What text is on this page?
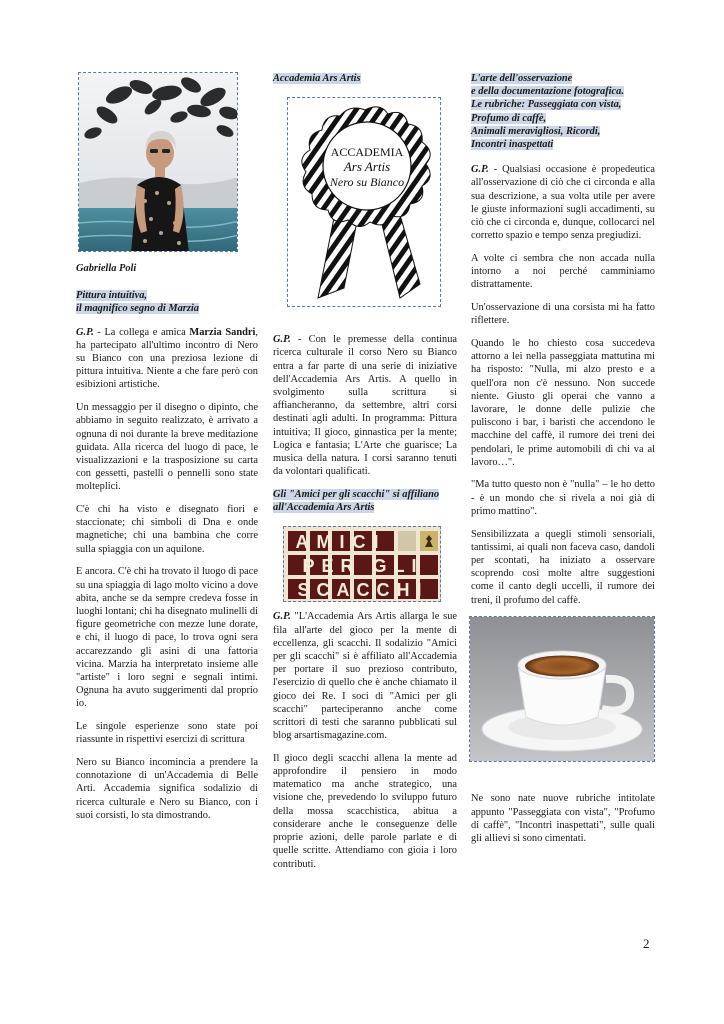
Gabriella Poli
Pittura intuitiva,
il magnifico segno di Marzia

G.P. - La collega e amica Marzia Sandri, ha partecipato all'ultimo incontro di Nero su Bianco con una preziosa lezione di pittura intuitiva. Niente a che fare però con esibizioni artistiche.

Un messaggio per il disegno o dipinto, che abbiamo in seguito realizzato, è arrivato a ognuna di noi durante la breve meditazione guidata. Alla ricerca del luogo di pace, le visualizzazioni e la trasposizione su carta con gessetti, pastelli o pennelli sono state molteplici.

C'è chi ha visto e disegnato fiori e staccionate; chi simboli di Dna e onde magnetiche; chi una bambina che corre sulla spiaggia con un aquilone.

E ancora. C'è chi ha trovato il luogo di pace su una spiaggia di lago molto vicino a dove abita, anche se da sempre credeva fosse in luoghi lontani; chi ha disegnato mulinelli di figure geometriche con mezze lune dorate, e chi, il luogo di pace, lo trova ogni sera accarezzando gli asini di una fattoria vicina. Marzia ha interpretato insieme alle "artiste" i loro segni e segnali intimi. Ognuna ha avuto suggerimenti dal proprio io.

Le singole esperienze sono state poi riassunte in rispettivi esercizi di scrittura

Nero su Bianco incomincia a prendere la connotazione di un'Accademia di Belle Arti. Accademia significa sodalizio di ricerca culturale e Nero su Bianco, con i suoi corsisti, lo sta dimostrando.

Accademia Ars Artis
ACCADEMIA
Ars Artis
Nero su Bianco

G.P. - Con le premesse della continua ricerca culturale il corso Nero su Bianco entra a far parte di una serie di iniziative dell'Accademia Ars Artis. A quello in svolgimento sulla scrittura si affiancheranno, da settembre, altri corsi destinati agli adulti. In programma: Pittura intuitiva; Il gioco, ginnastica per la mente; Logica e fantasia; L'Arte che guarisce; La musica della natura. I corsi saranno tenuti da volontari qualificati.

Gli "Amici per gli scacchi" si affiliano
all'Accademia Ars Artis
AMICI
PER GLI
SCACCHI

G.P. "L'Accademia Ars Artis allarga le sue fila all'arte del gioco per la mente di eccellenza, gli scacchi. Il sodalizio "Amici per gli scacchi" si è affiliato all'Accademia per portare il suo prezioso contributo, l'esercizio di quello che è anche chiamato il gioco dei Re. I soci di "Amici per gli scacchi" parteciperanno anche come scrittori di testi che saranno pubblicati sul blog arsartismagazine.com.

Il gioco degli scacchi allena la mente ad approfondire il pensiero in modo matematico ma anche strategico, una visione che, prevedendo lo sviluppo futuro della mossa scacchistica, abitua a considerare anche le conseguenze delle proprie azioni, delle parole parlate e di quelle scritte. Attendiamo con gioia i loro contributi.

L'arte dell'osservazione
e della documentazione fotografica.
Le rubriche: Passeggiata con vista,
Profumo di caffè,
Animali meravigliosi, Ricordi,
Incontri inaspettati

G.P. - Qualsiasi occasione è propedeutica all'osservazione di ciò che ci circonda e alla sua descrizione, a sua volta utile per avere le giuste informazioni sugli accadimenti, su ciò che ci circonda e, dunque, collocarci nel corretto spazio e tempo senza pregiudizi.

A volte ci sembra che non accada nulla intorno a noi perché camminiamo distrattamente.

Un'osservazione di una corsista mi ha fatto riflettere.

Quando le ho chiesto cosa succedeva attorno a lei nella passeggiata mattutina mi ha risposto: "Nulla, mi alzo presto e a quell'ora non c'è nessuno. Non succede niente. Giusto gli operai che vanno a lavorare, le donne delle pulizie che puliscono i bar, i baristi che accendono le macchine del caffè, il rumore dei treni dei pendolari, le prime automobili di chi va al lavoro…".

"Ma tutto questo non è "nulla" – le ho detto - è un mondo che si rivela a noi già di primo mattino".

Sensibilizzata a quegli stimoli sensoriali, tantissimi, ai quali non faceva caso, dandoli per scontati, ha iniziato a osservare scoprendo così molte altre suggestioni come il canto degli uccelli, il rumore dei treni, il profumo del caffè.

Ne sono nate nuove rubriche intitolate appunto "Passeggiata con vista", "Profumo di caffè", "Incontri inaspettati", sulle quali gli allievi si sono cimentati.

2
